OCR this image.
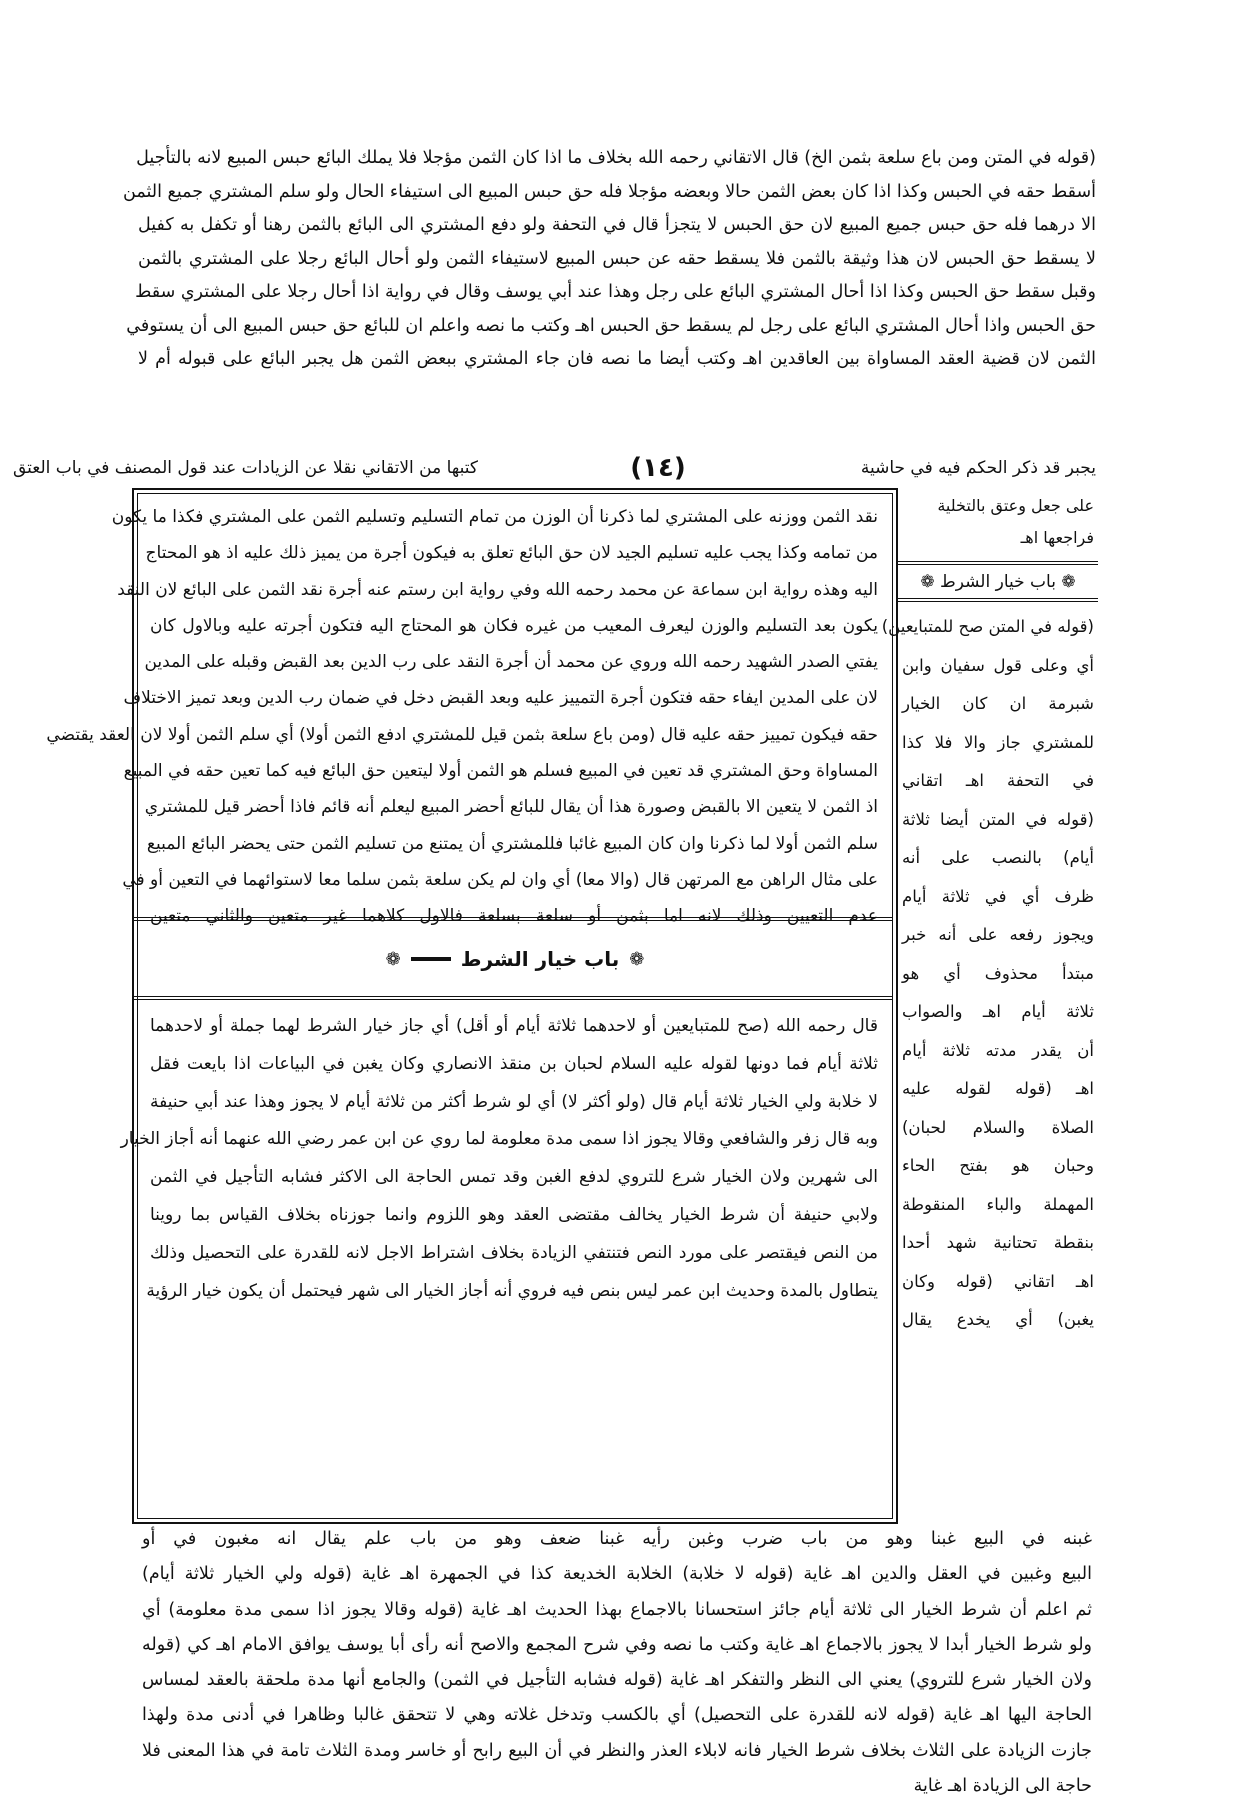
(قوله في المتن ومن باع سلعة بثمن الخ) قال الاتقاني رحمه الله بخلاف ما اذا كان الثمن مؤجلا فلا يملك البائع حبس المبيع لانه بالتأجيل
أسقط حقه في الحبس وكذا اذا كان بعض الثمن حالا وبعضه مؤجلا فله حق حبس المبيع الى استيفاء الحال ولو سلم المشتري جميع الثمن
الا درهما فله حق حبس جميع المبيع لان حق الحبس لا يتجزأ قال في التحفة ولو دفع المشتري الى البائع بالثمن رهنا أو تكفل به كفيل
لا يسقط حق الحبس لان هذا وثيقة بالثمن فلا يسقط حقه عن حبس المبيع لاستيفاء الثمن ولو أحال البائع رجلا على المشتري بالثمن
وقبل سقط حق الحبس وكذا اذا أحال المشتري البائع على رجل وهذا عند أبي يوسف وقال في رواية اذا أحال رجلا على المشتري سقط
حق الحبس واذا أحال المشتري البائع على رجل لم يسقط حق الحبس اهـ وكتب ما نصه واعلم ان للبائع حق حبس المبيع الى أن يستوفي
الثمن لان قضية العقد المساواة بين العاقدين اهـ وكتب أيضا ما نصه فان جاء المشتري ببعض الثمن هل يجبر البائع على قبوله أم لا
يجبر قد ذكر الحكم فيه في حاشية
(١٤)
كتبها من الاتقاني نقلا عن الزيادات عند قول المصنف في باب العتق
نقد الثمن ووزنه على المشتري لما ذكرنا أن الوزن من تمام التسليم وتسليم الثمن على المشتري فكذا ما يكون
من تمامه وكذا يجب عليه تسليم الجيد لان حق البائع تعلق به فيكون أجرة من يميز ذلك عليه اذ هو المحتاج
اليه وهذه رواية ابن سماعة عن محمد رحمه الله وفي رواية ابن رستم عنه أجرة نقد الثمن على البائع لان النقد
يكون بعد التسليم والوزن ليعرف المعيب من غيره فكان هو المحتاج اليه فتكون أجرته عليه وبالاول كان
يفتي الصدر الشهيد رحمه الله وروي عن محمد أن أجرة النقد على رب الدين بعد القبض وقبله على المدين
لان على المدين ايفاء حقه فتكون أجرة التمييز عليه وبعد القبض دخل في ضمان رب الدين وبعد تميز الاختلاف
حقه فيكون تمييز حقه عليه قال (ومن باع سلعة بثمن قيل للمشتري ادفع الثمن أولا) أي سلم الثمن أولا لان العقد يقتضي
المساواة وحق المشتري قد تعين في المبيع فسلم هو الثمن أولا ليتعين حق البائع فيه كما تعين حقه في المبيع
اذ الثمن لا يتعين الا بالقبض وصورة هذا أن يقال للبائع أحضر المبيع ليعلم أنه قائم فاذا أحضر قيل للمشتري
سلم الثمن أولا لما ذكرنا وان كان المبيع غائبا فللمشتري أن يمتنع من تسليم الثمن حتى يحضر البائع المبيع
على مثال الراهن مع المرتهن قال (والا معا) أي وان لم يكن سلعة بثمن سلما معا لاستوائهما في التعين أو في
عدم التعيين وذلك لانه اما بثمن أو سلعة بسلعة فالاول كلاهما غير متعين والثاني متعين
❁
باب خيار الشرط
❁
قال رحمه الله (صح للمتبايعين أو لاحدهما ثلاثة أيام أو أقل) أي جاز خيار الشرط لهما جملة أو لاحدهما
ثلاثة أيام فما دونها لقوله عليه السلام لحبان بن منقذ الانصاري وكان يغبن في البياعات اذا بايعت فقل
لا خلابة ولي الخيار ثلاثة أيام قال (ولو أكثر لا) أي لو شرط أكثر من ثلاثة أيام لا يجوز وهذا عند أبي حنيفة
وبه قال زفر والشافعي وقالا يجوز اذا سمى مدة معلومة لما روي عن ابن عمر رضي الله عنهما أنه أجاز الخيار
الى شهرين ولان الخيار شرع للتروي لدفع الغبن وقد تمس الحاجة الى الاكثر فشابه التأجيل في الثمن
ولابي حنيفة أن شرط الخيار يخالف مقتضى العقد وهو اللزوم وانما جوزناه بخلاف القياس بما روينا
من النص فيقتصر على مورد النص فتنتفي الزيادة بخلاف اشتراط الاجل لانه للقدرة على التحصيل وذلك
يتطاول بالمدة وحديث ابن عمر ليس بنص فيه فروي أنه أجاز الخيار الى شهر فيحتمل أن يكون خيار الرؤية
على جعل وعتق بالتخلية
فراجعها اهـ
❁ باب خيار الشرط ❁
(قوله في المتن صح للمتبايعين)
أي وعلى قول سفيان وابن
شبرمة ان كان الخيار
للمشتري جاز والا فلا كذا
في التحفة اهـ اتقاني
(قوله في المتن أيضا ثلاثة
أيام) بالنصب على أنه
ظرف أي في ثلاثة أيام
ويجوز رفعه على أنه خبر
مبتدأ محذوف أي هو
ثلاثة أيام اهـ والصواب
أن يقدر مدته ثلاثة أيام
اهـ (قوله لقوله عليه
الصلاة والسلام لحبان)
وحبان هو بفتح الحاء
المهملة والباء المنقوطة
بنقطة تحتانية شهد أحدا
اهـ اتقاني (قوله وكان
يغبن) أي يخدع يقال
غبنه في البيع غبنا وهو من باب ضرب وغبن رأيه غبنا ضعف وهو من باب علم يقال انه مغبون في أو
البيع وغبين في العقل والدين اهـ غاية (قوله لا خلابة) الخلابة الخديعة كذا في الجمهرة اهـ غاية (قوله ولي الخيار ثلاثة أيام)
ثم اعلم أن شرط الخيار الى ثلاثة أيام جائز استحسانا بالاجماع بهذا الحديث اهـ غاية (قوله وقالا يجوز اذا سمى مدة معلومة) أي
ولو شرط الخيار أبدا لا يجوز بالاجماع اهـ غاية وكتب ما نصه وفي شرح المجمع والاصح أنه رأى أبا يوسف يوافق الامام اهـ كي (قوله
ولان الخيار شرع للتروي) يعني الى النظر والتفكر اهـ غاية (قوله فشابه التأجيل في الثمن) والجامع أنها مدة ملحقة بالعقد لمساس
الحاجة اليها اهـ غاية (قوله لانه للقدرة على التحصيل) أي بالكسب وتدخل غلاته وهي لا تتحقق غالبا وظاهرا في أدنى مدة ولهذا
جازت الزيادة على الثلاث بخلاف شرط الخيار فانه لابلاء العذر والنظر في أن البيع رابح أو خاسر ومدة الثلاث تامة في هذا المعنى فلا
حاجة الى الزيادة اهـ غاية
